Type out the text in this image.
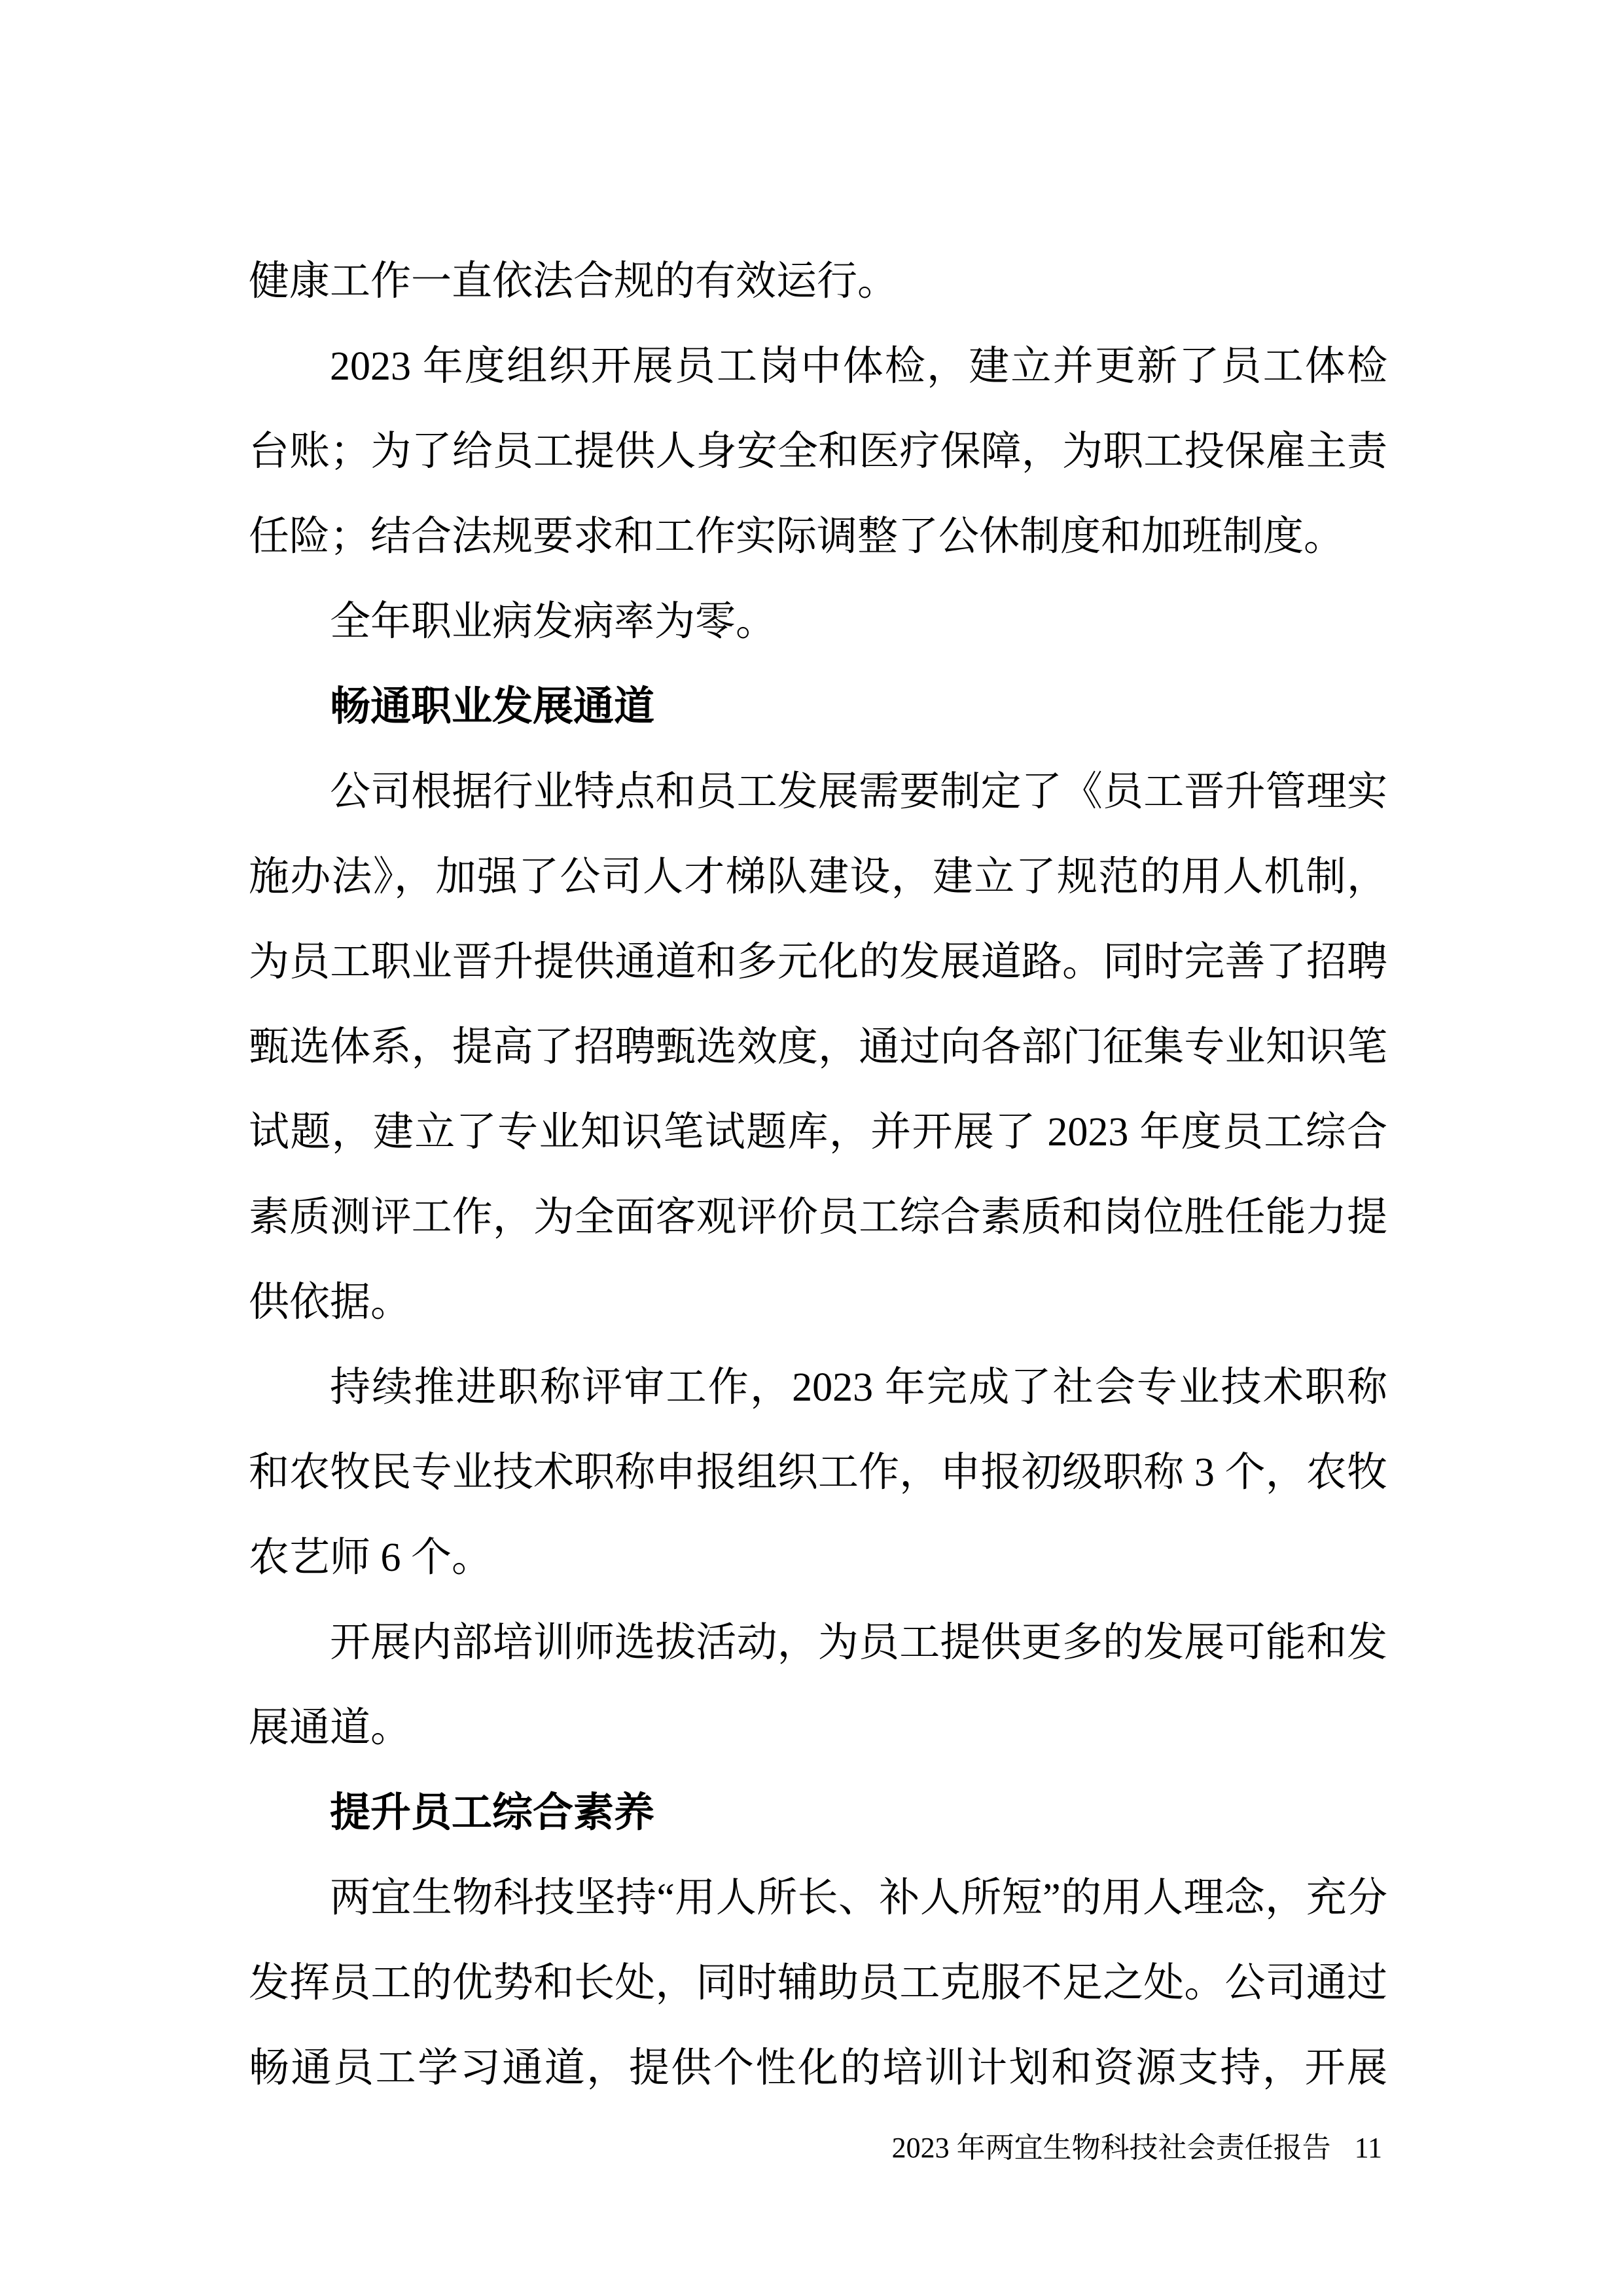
健康工作一直依法合规的有效运行。

2023 年度组织开展员工岗中体检，建立并更新了员工体检台账；为了给员工提供人身安全和医疗保障，为职工投保雇主责任险；结合法规要求和工作实际调整了公休制度和加班制度。

全年职业病发病率为零。

畅通职业发展通道

公司根据行业特点和员工发展需要制定了《员工晋升管理实施办法》，加强了公司人才梯队建设，建立了规范的用人机制，为员工职业晋升提供通道和多元化的发展道路。同时完善了招聘甄选体系，提高了招聘甄选效度，通过向各部门征集专业知识笔试题，建立了专业知识笔试题库，并开展了 2023 年度员工综合素质测评工作，为全面客观评价员工综合素质和岗位胜任能力提供依据。

持续推进职称评审工作，2023 年完成了社会专业技术职称和农牧民专业技术职称申报组织工作，申报初级职称 3 个，农牧农艺师 6 个。

开展内部培训师选拔活动，为员工提供更多的发展可能和发展通道。

提升员工综合素养

两宜生物科技坚持“用人所长、补人所短”的用人理念，充分发挥员工的优势和长处，同时辅助员工克服不足之处。公司通过畅通员工学习通道，提供个性化的培训计划和资源支持，开展

2023 年两宜生物科技社会责任报告 11
